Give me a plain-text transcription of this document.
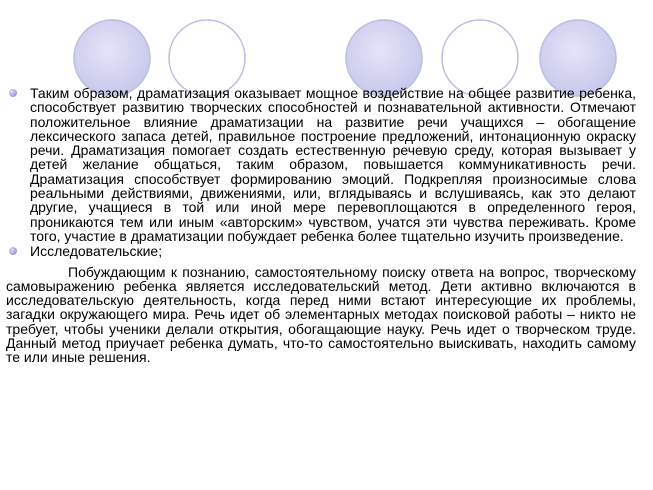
Таким образом, драматизация оказывает мощное воздействие на общее развитие ребенка, способствует развитию творческих способностей и познавательной активности. Отмечают положительное влияние драматизации на развитие речи учащихся – обогащение лексического запаса детей, правильное построение предложений, интонационную окраску речи. Драматизация помогает создать естественную речевую среду, которая вызывает у детей желание общаться, таким образом, повышается коммуникативность речи. Драматизация способствует формированию эмоций. Подкрепляя произносимые слова реальными действиями, движениями, или, вглядываясь и вслушиваясь, как это делают другие, учащиеся в той или иной мере перевоплощаются в определенного героя, проникаются тем или иным «авторским» чувством, учатся эти чувства переживать. Кроме того, участие в драматизации побуждает ребенка более тщательно изучить произведение.
Исследовательские;
Побуждающим к познанию, самостоятельному поиску ответа на вопрос, творческому самовыражению ребенка является исследовательский метод. Дети активно включаются в исследовательскую деятельность, когда перед ними встают интересующие их проблемы, загадки окружающего мира. Речь идет об элементарных методах поисковой работы – никто не требует, чтобы ученики делали открытия, обогащающие науку. Речь идет о творческом труде. Данный метод приучает ребенка думать, что-то самостоятельно выискивать, находить самому те или иные решения.
